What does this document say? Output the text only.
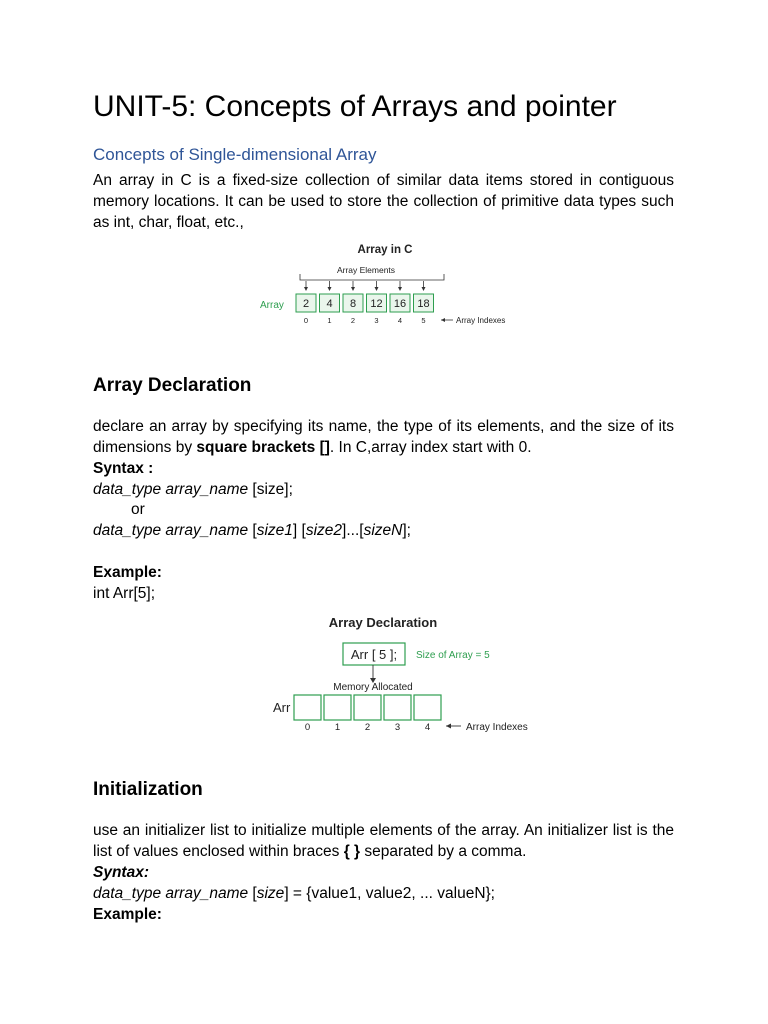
UNIT-5: Concepts of Arrays and pointer
Concepts of Single-dimensional Array

An array in C is a fixed-size collection of similar data items stored in contiguous memory locations. It can be used to store the collection of primitive data types such as int, char, float, etc.,

Array in C
Array Elements
Array 2 4 8 12 16 18
0	1	2	3	4	5	Array Indexes
Array Declaration

declare an array by specifying its name, the type of its elements, and the size of its dimensions by square brackets []. In C,array index start with 0.

Syntax :

data_type array_name [size];

or

data_type array_name [size1] [size2]...[sizeN];

Example:

int Arr[5];

Array Declaration
Arr [ 5 ]; Size of Array = 5
Memory Allocated
Arr
0	1	2	3	4	Array Indexes
Initialization

use an initializer list to initialize multiple elements of the array. An initializer list is the list of values enclosed within braces { } separated by a comma.

Syntax:

data_type array_name [size] = {value1, value2, ... valueN};

Example:
